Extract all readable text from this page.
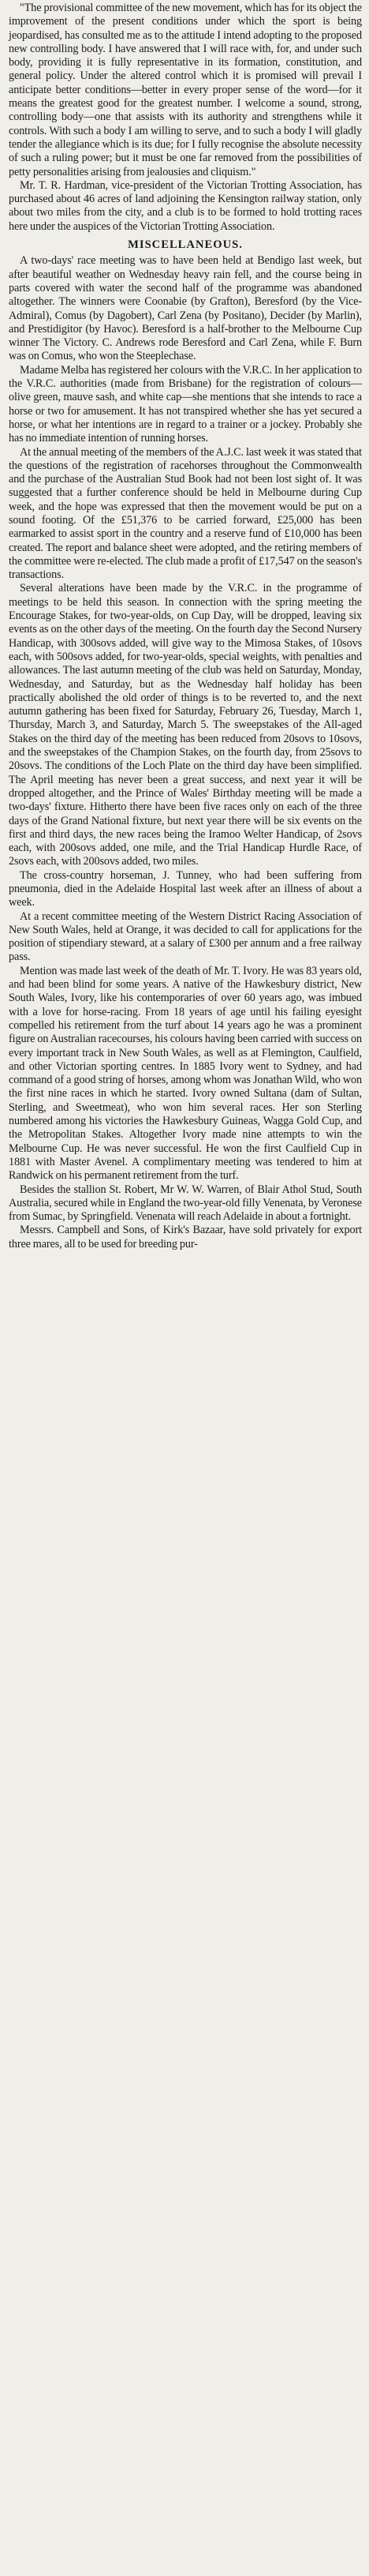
"The provisional committee of the new movement, which has for its object the improvement of the present conditions under which the sport is being jeopardised, has consulted me as to the attitude I intend adopting to the proposed new controlling body. I have answered that I will race with, for, and under such body, providing it is fully representative in its formation, constitution, and general policy. Under the altered control which it is promised will prevail I anticipate better conditions—better in every proper sense of the word—for it means the greatest good for the greatest number. I welcome a sound, strong, controlling body—one that assists with its authority and strengthens while it controls. With such a body I am willing to serve, and to such a body I will gladly tender the allegiance which is its due; for I fully recognise the absolute necessity of such a ruling power; but it must be one far removed from the possibilities of petty personalities arising from jealousies and cliquism."

Mr. T. R. Hardman, vice-president of the Victorian Trotting Association, has purchased about 46 acres of land adjoining the Kensington railway station, only about two miles from the city, and a club is to be formed to hold trotting races here under the auspices of the Victorian Trotting Association.

MISCELLANEOUS.

A two-days' race meeting was to have been held at Bendigo last week, but after beautiful weather on Wednesday heavy rain fell, and the course being in parts covered with water the second half of the programme was abandoned altogether. The winners were Coonabie (by Grafton), Beresford (by the Vice-Admiral), Comus (by Dagobert), Carl Zena (by Positano), Decider (by Marlin), and Prestidigitor (by Havoc). Beresford is a half-brother to the Melbourne Cup winner The Victory. C. Andrews rode Beresford and Carl Zena, while F. Burn was on Comus, who won the Steeplechase.

Madame Melba has registered her colours with the V.R.C. In her application to the V.R.C. authorities (made from Brisbane) for the registration of colours—olive green, mauve sash, and white cap—she mentions that she intends to race a horse or two for amusement. It has not transpired whether she has yet secured a horse, or what her intentions are in regard to a trainer or a jockey. Probably she has no immediate intention of running horses.

At the annual meeting of the members of the A.J.C. last week it was stated that the questions of the registration of racehorses throughout the Commonwealth and the purchase of the Australian Stud Book had not been lost sight of. It was suggested that a further conference should be held in Melbourne during Cup week, and the hope was expressed that then the movement would be put on a sound footing. Of the £51,376 to be carried forward, £25,000 has been earmarked to assist sport in the country and a reserve fund of £10,000 has been created. The report and balance sheet were adopted, and the retiring members of the committee were re-elected. The club made a profit of £17,547 on the season's transactions.

Several alterations have been made by the V.R.C. in the programme of meetings to be held this season. In connection with the spring meeting the Encourage Stakes, for two-year-olds, on Cup Day, will be dropped, leaving six events as on the other days of the meeting. On the fourth day the Second Nursery Handicap, with 300sovs added, will give way to the Mimosa Stakes, of 10sovs each, with 500sovs added, for two-year-olds, special weights, with penalties and allowances. The last autumn meeting of the club was held on Saturday, Monday, Wednesday, and Saturday, but as the Wednesday half holiday has been practically abolished the old order of things is to be reverted to, and the next autumn gathering has been fixed for Saturday, February 26, Tuesday, March 1, Thursday, March 3, and Saturday, March 5. The sweepstakes of the All-aged Stakes on the third day of the meeting has been reduced from 20sovs to 10sovs, and the sweepstakes of the Champion Stakes, on the fourth day, from 25sovs to 20sovs. The conditions of the Loch Plate on the third day have been simplified. The April meeting has never been a great success, and next year it will be dropped altogether, and the Prince of Wales' Birthday meeting will be made a two-days' fixture. Hitherto there have been five races only on each of the three days of the Grand National fixture, but next year there will be six events on the first and third days, the new races being the Iramoo Welter Handicap, of 2sovs each, with 200sovs added, one mile, and the Trial Handicap Hurdle Race, of 2sovs each, with 200sovs added, two miles.

The cross-country horseman, J. Tunney, who had been suffering from pneumonia, died in the Adelaide Hospital last week after an illness of about a week.

At a recent committee meeting of the Western District Racing Association of New South Wales, held at Orange, it was decided to call for applications for the position of stipendiary steward, at a salary of £300 per annum and a free railway pass.

Mention was made last week of the death of Mr. T. Ivory. He was 83 years old, and had been blind for some years. A native of the Hawkesbury district, New South Wales, Ivory, like his contemporaries of over 60 years ago, was imbued with a love for horse-racing. From 18 years of age until his failing eyesight compelled his retirement from the turf about 14 years ago he was a prominent figure on Australian racecourses, his colours having been carried with success on every important track in New South Wales, as well as at Flemington, Caulfield, and other Victorian sporting centres. In 1885 Ivory went to Sydney, and had command of a good string of horses, among whom was Jonathan Wild, who won the first nine races in which he started. Ivory owned Sultana (dam of Sultan, Sterling, and Sweetmeat), who won him several races. Her son Sterling numbered among his victories the Hawkesbury Guineas, Wagga Gold Cup, and the Metropolitan Stakes. Altogether Ivory made nine attempts to win the Melbourne Cup. He was never successful. He won the first Caulfield Cup in 1881 with Master Avenel. A complimentary meeting was tendered to him at Randwick on his permanent retirement from the turf.

Besides the stallion St. Robert, Mr W. W. Warren, of Blair Athol Stud, South Australia, secured while in England the two-year-old filly Venenata, by Veronese from Sumac, by Springfield. Venenata will reach Adelaide in about a fortnight.

Messrs. Campbell and Sons, of Kirk's Bazaar, have sold privately for export three mares, all to be used for breeding pur-
